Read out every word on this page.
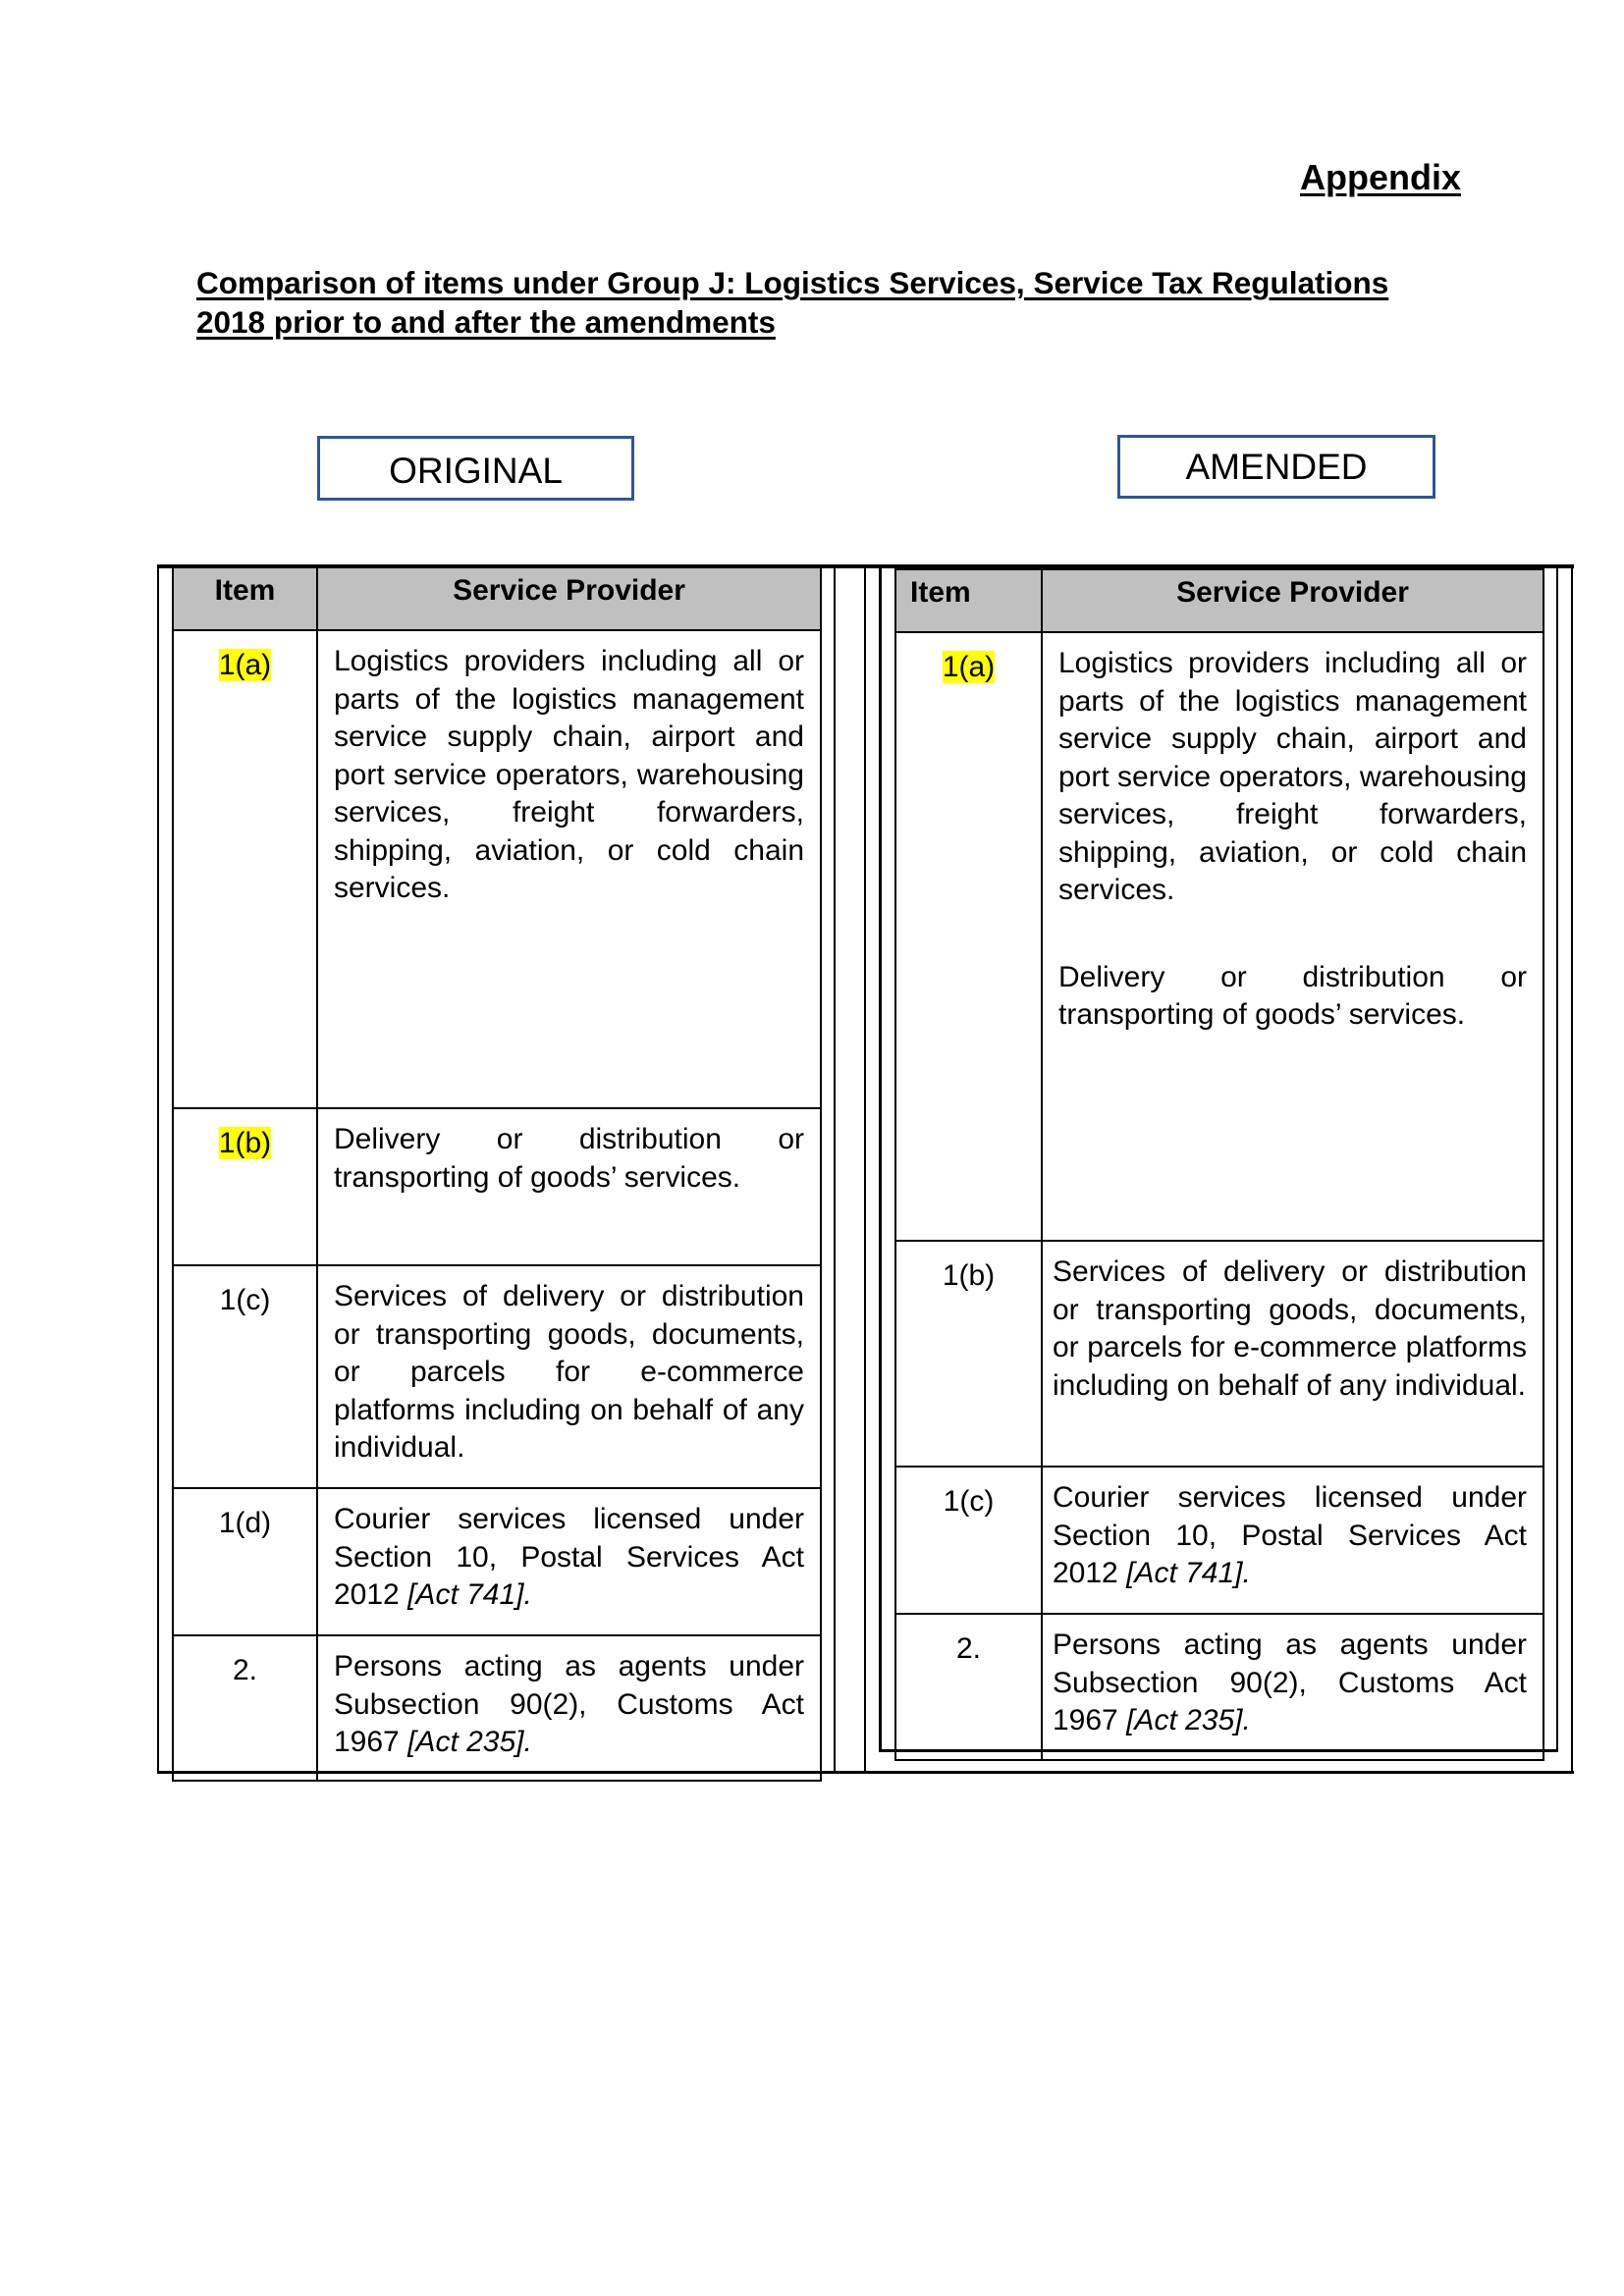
Appendix
Comparison of items under Group J: Logistics Services, Service Tax Regulations 2018 prior to and after the amendments
ORIGINAL	AMENDED
Item	Service Provider
1(a)	Logistics providers including all or parts of the logistics management service supply chain, airport and port service operators, warehousing services, freight forwarders, shipping, aviation, or cold chain services.

1(b)	Delivery or distribution or transporting of goods’ services.

1(c)	Services of delivery or distribution or transporting goods, documents, or parcels for e-commerce platforms including on behalf of any individual.

1(d)	Courier services licensed under Section 10, Postal Services Act 2012 [Act 741].

2.	Persons acting as agents under Subsection 90(2), Customs Act 1967 [Act 235].

Item	Service Provider
1(a)	Logistics providers including all or parts of the logistics management service supply chain, airport and port service operators, warehousing services, freight forwarders, shipping, aviation, or cold chain services.

Delivery or distribution or transporting of goods’ services.

1(b)	Services of delivery or distribution or transporting goods, documents, or parcels for e-commerce platforms including on behalf of any individual.

1(c)	Courier services licensed under Section 10, Postal Services Act 2012 [Act 741].

2.	Persons acting as agents under Subsection 90(2), Customs Act 1967 [Act 235].
